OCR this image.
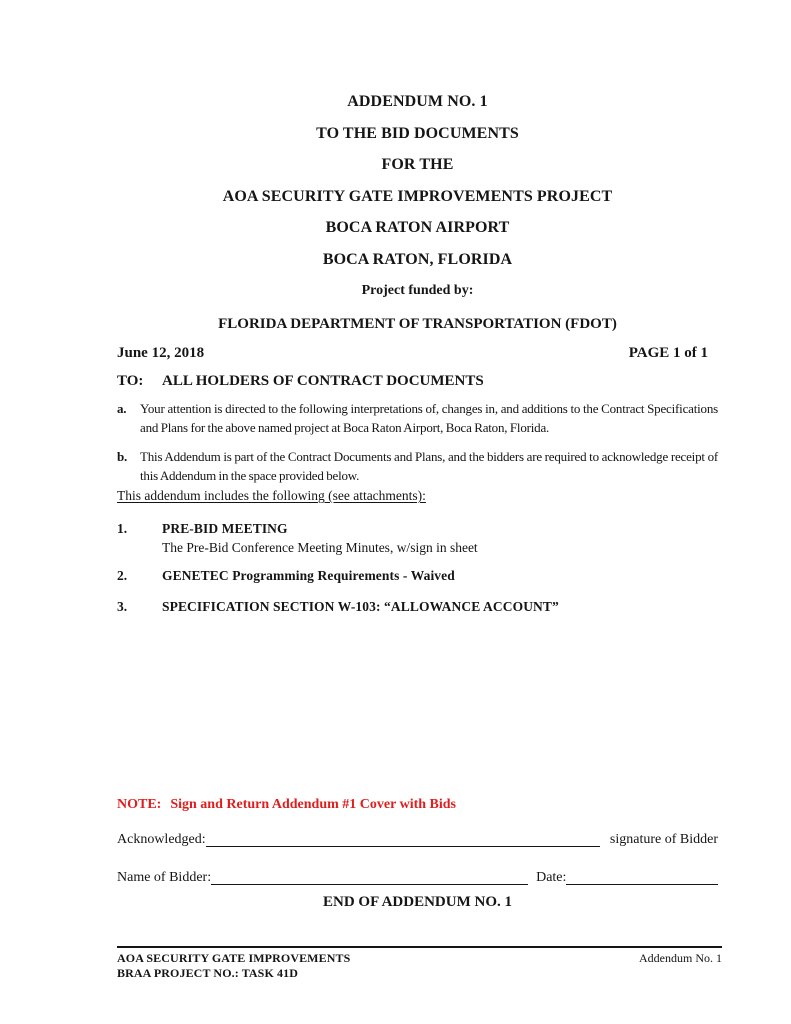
ADDENDUM NO. 1
TO THE BID DOCUMENTS
FOR THE
AOA SECURITY GATE IMPROVEMENTS PROJECT
BOCA RATON AIRPORT
BOCA RATON, FLORIDA
Project funded by:
FLORIDA DEPARTMENT OF TRANSPORTATION (FDOT)
June 12, 2018	PAGE 1 of 1
TO:	ALL HOLDERS OF CONTRACT DOCUMENTS
a.	Your attention is directed to the following interpretations of, changes in, and additions to the Contract Specifications and Plans for the above named project at Boca Raton Airport, Boca Raton, Florida.
b. This Addendum is part of the Contract Documents and Plans, and the bidders are required to acknowledge receipt of this Addendum in the space provided below.
This addendum includes the following (see attachments):
1.	PRE-BID MEETING
The Pre-Bid Conference Meeting Minutes, w/sign in sheet
2.	GENETEC Programming Requirements - Waived
3.	SPECIFICATION SECTION W-103: “ALLOWANCE ACCOUNT”
NOTE: Sign and Return Addendum #1 Cover with Bids
Acknowledged:	signature of Bidder
Name of Bidder:	Date:
END OF ADDENDUM NO. 1
AOA SECURITY GATE IMPROVEMENTS
BRAA PROJECT NO.: TASK 41D
Addendum No. 1
